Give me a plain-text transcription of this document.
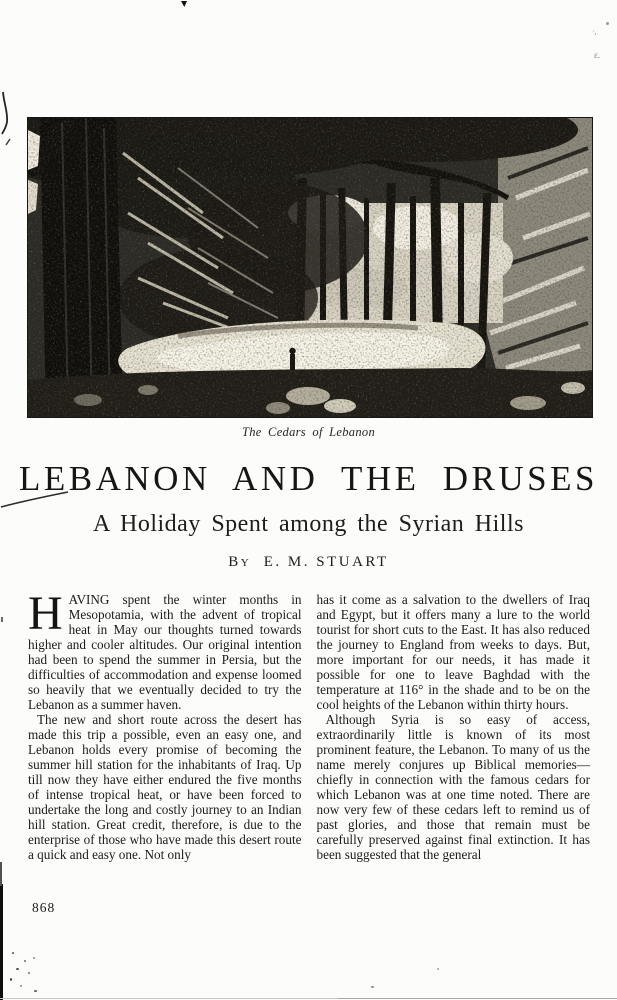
·,
ε.
The Cedars of Lebanon
LEBANON AND THE DRUSES
A Holiday Spent among the Syrian Hills
By E. M. STUART

HAVING spent the winter months in Mesopotamia, with the advent of tropical heat in May our thoughts turned towards higher and cooler altitudes. Our original intention had been to spend the summer in Persia, but the difficulties of accommodation and expense loomed so heavily that we eventually decided to try the Lebanon as a summer haven.

The new and short route across the desert has made this trip a possible, even an easy one, and Lebanon holds every promise of becoming the summer hill station for the inhabitants of Iraq. Up till now they have either endured the five months of intense tropical heat, or have been forced to undertake the long and costly journey to an Indian hill station. Great credit, therefore, is due to the enterprise of those who have made this desert route a quick and easy one. Not only

has it come as a salvation to the dwellers of Iraq and Egypt, but it offers many a lure to the world tourist for short cuts to the East. It has also reduced the journey to England from weeks to days. But, more important for our needs, it has made it possible for one to leave Baghdad with the temperature at 116° in the shade and to be on the cool heights of the Lebanon within thirty hours.

Although Syria is so easy of access, extraordinarily little is known of its most prominent feature, the Lebanon. To many of us the name merely conjures up Biblical memories—chiefly in connection with the famous cedars for which Lebanon was at one time noted. There are now very few of these cedars left to remind us of past glories, and those that remain must be carefully preserved against final extinction. It has been suggested that the general

868
